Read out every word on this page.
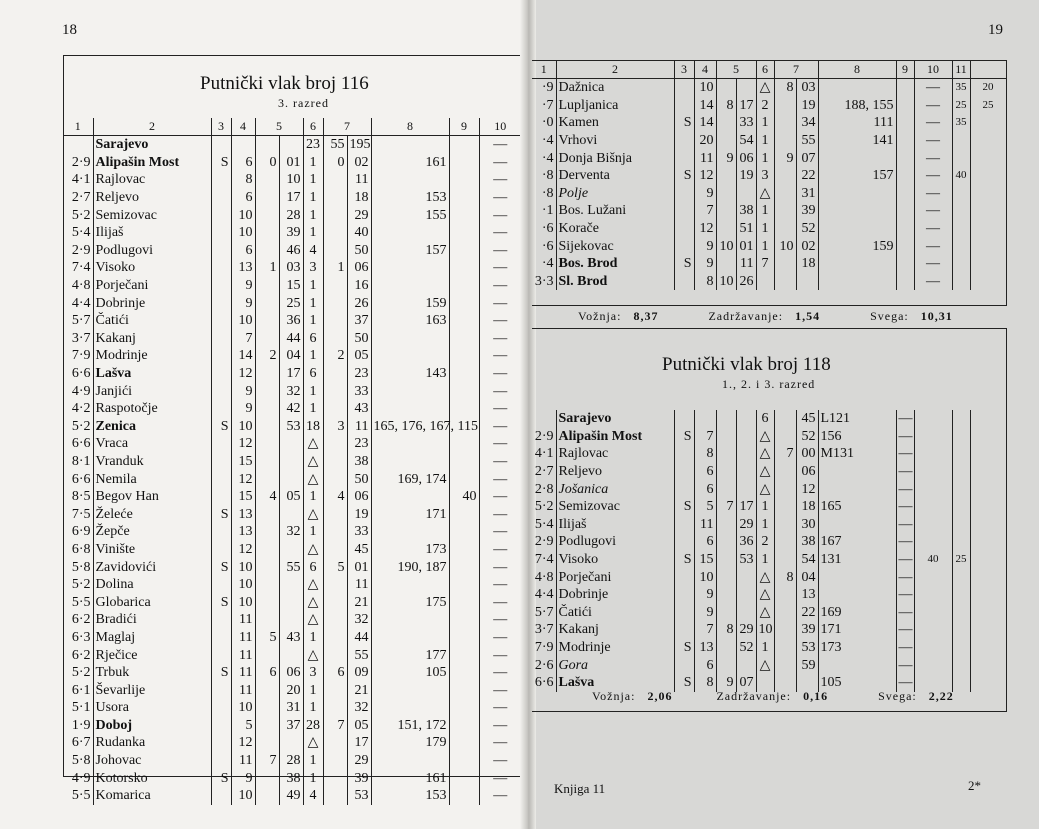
18
Putnički vlak broj 116
3. razred
1	2	3	4	5		6	7		8	9	10
	Sarajevo					23	55	195			—
2·9	Alipašin Most	S	6	0	01	1	0	02	161		—
4·1	Rajlovac		8		10	1		11			—
2·7	Reljevo		6		17	1		18	153		—
5·2	Semizovac		10		28	1		29	155		—
5·4	Ilijaš		10		39	1		40			—
2·9	Podlugovi		6		46	4		50	157		—
7·4	Visoko		13	1	03	3	1	06			—
4·8	Porječani		9		15	1		16			—
4·4	Dobrinje		9		25	1		26	159		—
5·7	Čatići		10		36	1		37	163		—
3·7	Kakanj		7		44	6		50			—
7·9	Modrinje		14	2	04	1	2	05			—
6·6	Lašva		12		17	6		23	143		—
4·9	Janjići		9		32	1		33			—
4·2	Raspotočje		9		42	1		43			—
5·2	Zenica	S	10		53	18	3	11	165, 176, 167, 115		—
6·6	Vraca		12			△		23			—
8·1	Vranduk		15			△		38			—
6·6	Nemila		12			△		50	169, 174		—
8·5	Begov Han		15	4	05	1	4	06		40	—
7·5	Želeće	S	13			△		19	171		—
6·9	Žepče		13		32	1		33			—
6·8	Vinište		12			△		45	173		—
5·8	Zavidovići	S	10		55	6	5	01	190, 187		—
5·2	Dolina		10			△		11			—
5·5	Globarica	S	10			△		21	175		—
6·2	Bradići		11			△		32			—
6·3	Maglaj		11	5	43	1		44			—
6·2	Rječice		11			△		55	177		—
5·2	Trbuk	S	11	6	06	3	6	09	105		—
6·1	Ševarlije		11		20	1		21			—
5·1	Usora		10		31	1		32			—
1·9	Doboj		5		37	28	7	05	151, 172		—
6·7	Rudanka		12			△		17	179		—
5·8	Johovac		11	7	28	1		29			—
4·9	Kotorsko	S	9		38	1		39	161		—
5·5	Komarica		10		49	4		53	153		—
19
1	2	3	4	5		6	7		8	9	10	11		
·9	Dažnica		10			△	8	03			—	35	20	
·7	Lupljanica		14	8	17	2		19	188, 155		—	25	25	
·0	Kamen	S	14		33	1		34	111		—	35		
·4	Vrhovi		20		54	1		55	141		—			
·4	Donja Bišnja		11	9	06	1	9	07			—			
·8	Derventa	S	12		19	3		22	157		—	40		
·8	Polje		9			△		31			—			
·1	Bos. Lužani		7		38	1		39			—			
·6	Korače		12		51	1		52			—			
·6	Sijekovac		9	10	01	1	10	02	159		—			
·4	Bos. Brod	S	9		11	7		18			—			
3·3	Sl. Brod		8	10	26						—			
Vožnja: 8,37	Zadržavanje: 1,54	Svega: 10,31
Putnički vlak broj 118
1., 2. i 3. razred
	Sarajevo					6		45	L121	—			
2·9	Alipašin Most	S	7			△		52	156	—			
4·1	Rajlovac		8			△	7	00	M131	—			
2·7	Reljevo		6			△		06		—			
2·8	Jošanica		6			△		12		—			
5·2	Semizovac	S	5	7	17	1		18	165	—			
5·4	Ilijaš		11		29	1		30		—			
2·9	Podlugovi		6		36	2		38	167	—			
7·4	Visoko	S	15		53	1		54	131	—	40	25	
4·8	Porječani		10			△	8	04		—			
4·4	Dobrinje		9			△		13		—			
5·7	Čatići		9			△		22	169	—			
3·7	Kakanj		7	8	29	10		39	171	—			
7·9	Modrinje	S	13		52	1		53	173	—			
2·6	Gora		6			△		59		—			
6·6	Lašva	S	8	9	07				105	—			
Vožnja: 2,06	Zadržavanje: 0,16	Svega: 2,22
Knjiga 11	2*
